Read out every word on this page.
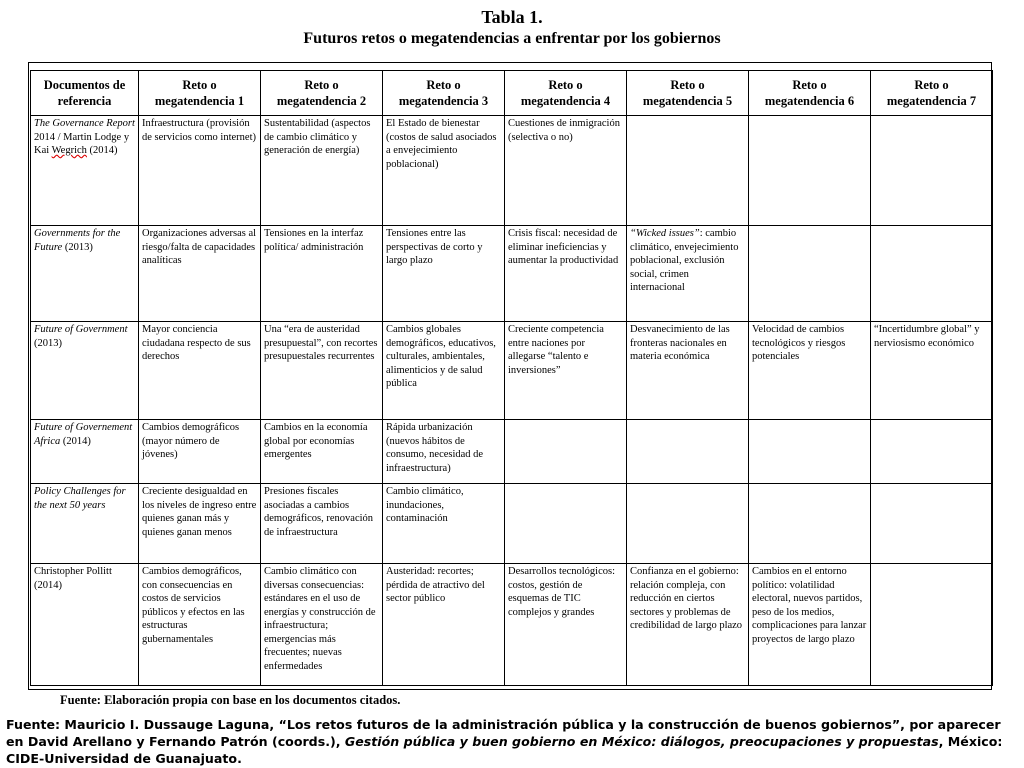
Tabla 1.
Futuros retos o megatendencias a enfrentar por los gobiernos
Documentos de referencia	Reto o megatendencia 1	Reto o megatendencia 2	Reto o megatendencia 3	Reto o megatendencia 4	Reto o megatendencia 5	Reto o megatendencia 6	Reto o megatendencia 7
The Governance Report 2014 / Martin Lodge y Kai Wegrich (2014)	Infraestructura (provisión de servicios como internet)	Sustentabilidad (aspectos de cambio climático y generación de energía)	El Estado de bienestar (costos de salud asociados a envejecimiento poblacional)	Cuestiones de inmigración (selectiva o no)			
Governments for the Future (2013)	Organizaciones adversas al riesgo/falta de capacidades analíticas	Tensiones en la interfaz política/ administración	Tensiones entre las perspectivas de corto y largo plazo	Crisis fiscal: necesidad de eliminar ineficiencias y aumentar la productividad	“Wicked issues”: cambio climático, envejecimiento poblacional, exclusión social, crimen internacional		
Future of Government (2013)	Mayor conciencia ciudadana respecto de sus derechos	Una “era de austeridad presupuestal”, con recortes presupuestales recurrentes	Cambios globales demográficos, educativos, culturales, ambientales, alimenticios y de salud pública	Creciente competencia entre naciones por allegarse “talento e inversiones”	Desvanecimiento de las fronteras nacionales en materia económica	Velocidad de cambios tecnológicos y riesgos potenciales	“Incertidumbre global” y nerviosismo económico
Future of Governement Africa (2014)	Cambios demográficos (mayor número de jóvenes)	Cambios en la economía global por economías emergentes	Rápida urbanización (nuevos hábitos de consumo, necesidad de infraestructura)				
Policy Challenges for the next 50 years	Creciente desigualdad en los niveles de ingreso entre quienes ganan más y quienes ganan menos	Presiones fiscales asociadas a cambios demográficos, renovación de infraestructura	Cambio climático, inundaciones, contaminación				
Christopher Pollitt (2014)	Cambios demográficos, con consecuencias en costos de servicios públicos y efectos en las estructuras gubernamentales	Cambio climático con diversas consecuencias: estándares en el uso de energías y construcción de infraestructura; emergencias más frecuentes; nuevas enfermedades	Austeridad: recortes; pérdida de atractivo del sector público	Desarrollos tecnológicos: costos, gestión de esquemas de TIC complejos y grandes	Confianza en el gobierno: relación compleja, con reducción en ciertos sectores y problemas de credibilidad de largo plazo	Cambios en el entorno político: volatilidad electoral, nuevos partidos, peso de los medios, complicaciones para lanzar proyectos de largo plazo	
Fuente: Elaboración propia con base en los documentos citados.
Fuente: Mauricio I. Dussauge Laguna, “Los retos futuros de la administración pública y la construcción de buenos gobiernos”, por aparecer en David Arellano y Fernando Patrón (coords.), Gestión pública y buen gobierno en México: diálogos, preocupaciones y propuestas, México: CIDE-Universidad de Guanajuato.
